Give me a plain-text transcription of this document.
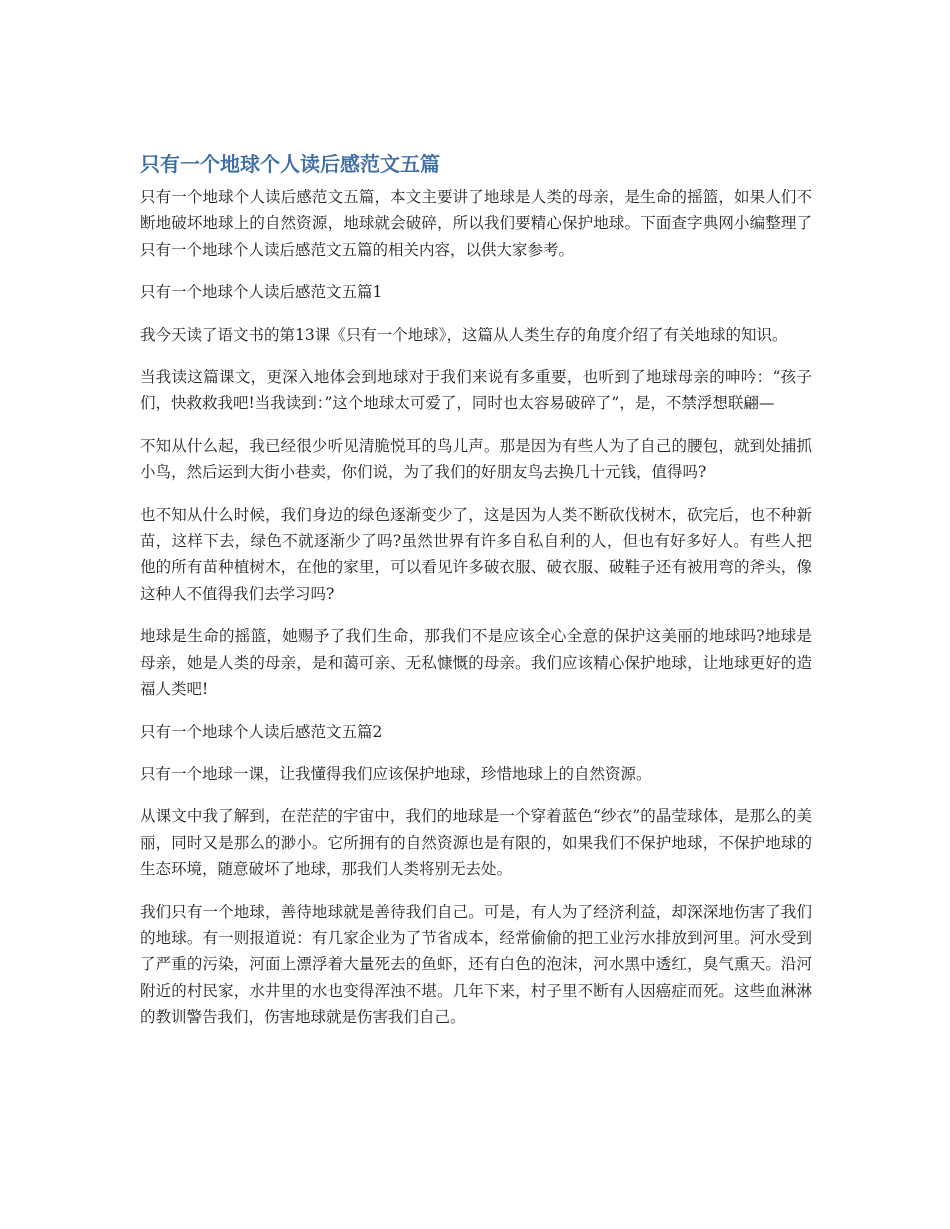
只有一个地球个人读后感范文五篇

只有一个地球个人读后感范文五篇，本文主要讲了地球是人类的母亲，是生命的摇篮，如果人们不断地破坏地球上的自然资源，地球就会破碎，所以我们要精心保护地球。下面查字典网小编整理了只有一个地球个人读后感范文五篇的相关内容，以供大家参考。

只有一个地球个人读后感范文五篇1

我今天读了语文书的第13课《只有一个地球》，这篇从人类生存的角度介绍了有关地球的知识。

当我读这篇课文，更深入地体会到地球对于我们来说有多重要，也听到了地球母亲的呻吟：“孩子们，快救救我吧!当我读到：”这个地球太可爱了，同时也太容易破碎了”，是，不禁浮想联翩—

不知从什么起，我已经很少听见清脆悦耳的鸟儿声。那是因为有些人为了自己的腰包，就到处捕抓小鸟，然后运到大街小巷卖，你们说，为了我们的好朋友鸟去换几十元钱，值得吗?

也不知从什么时候，我们身边的绿色逐渐变少了，这是因为人类不断砍伐树木，砍完后，也不种新苗，这样下去，绿色不就逐渐少了吗?虽然世界有许多自私自利的人，但也有好多好人。有些人把他的所有苗种植树木，在他的家里，可以看见许多破衣服、破衣服、破鞋子还有被用弯的斧头，像这种人不值得我们去学习吗?

地球是生命的摇篮，她赐予了我们生命，那我们不是应该全心全意的保护这美丽的地球吗?地球是母亲，她是人类的母亲，是和蔼可亲、无私慷慨的母亲。我们应该精心保护地球，让地球更好的造福人类吧!

只有一个地球个人读后感范文五篇2

只有一个地球一课，让我懂得我们应该保护地球，珍惜地球上的自然资源。

从课文中我了解到，在茫茫的宇宙中，我们的地球是一个穿着蓝色“纱衣”的晶莹球体，是那么的美丽，同时又是那么的渺小。它所拥有的自然资源也是有限的，如果我们不保护地球，不保护地球的生态环境，随意破坏了地球，那我们人类将别无去处。

我们只有一个地球，善待地球就是善待我们自己。可是，有人为了经济利益，却深深地伤害了我们的地球。有一则报道说：有几家企业为了节省成本，经常偷偷的把工业污水排放到河里。河水受到了严重的污染，河面上漂浮着大量死去的鱼虾，还有白色的泡沫，河水黑中透红，臭气熏天。沿河附近的村民家，水井里的水也变得浑浊不堪。几年下来，村子里不断有人因癌症而死。这些血淋淋的教训警告我们，伤害地球就是伤害我们自己。
